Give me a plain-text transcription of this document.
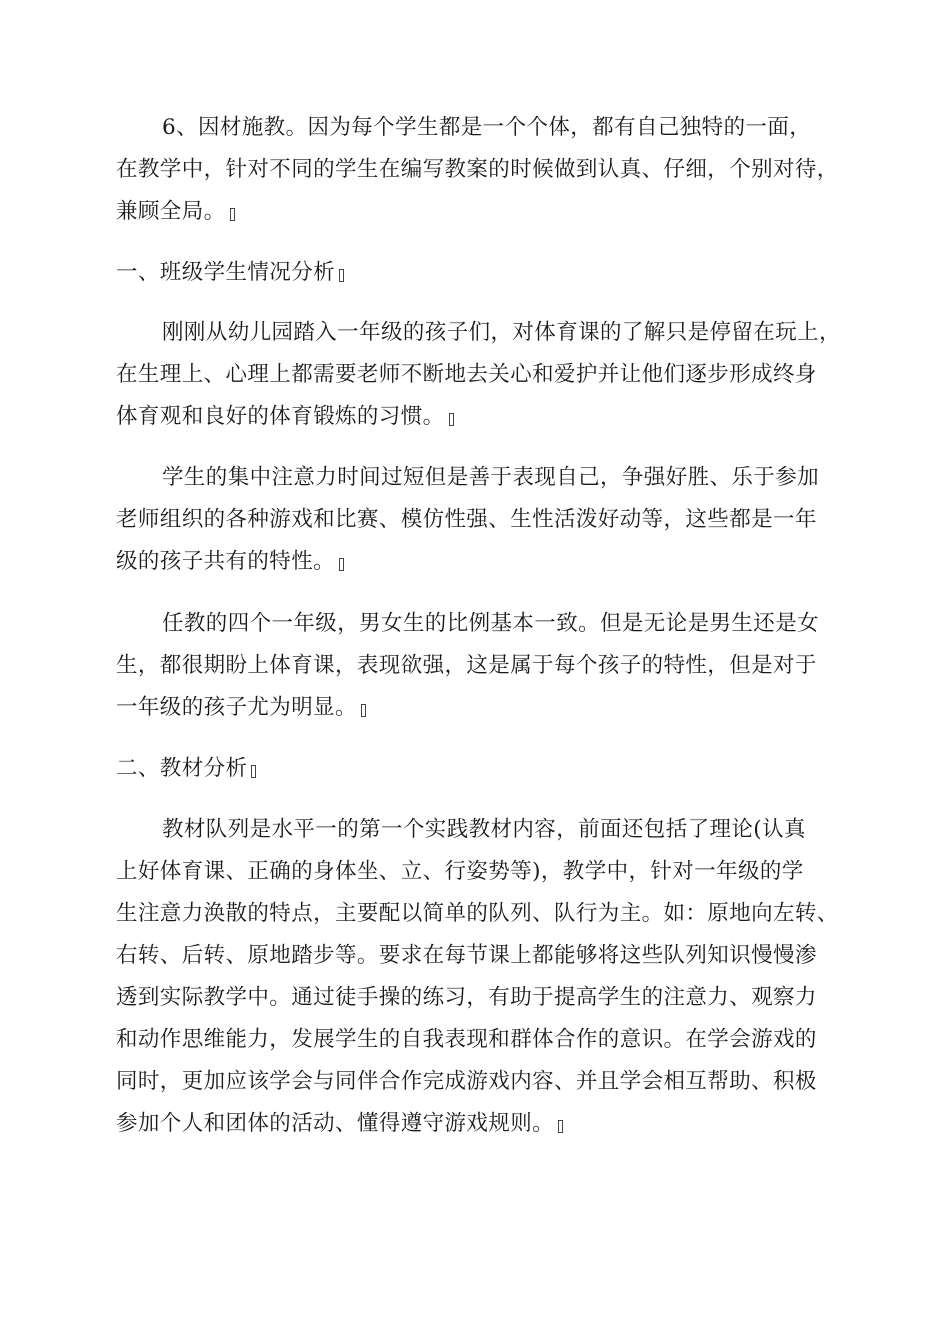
6、因材施教。因为每个学生都是一个个体，都有自己独特的一面，
在教学中，针对不同的学生在编写教案的时候做到认真、仔细，个别对待，
兼顾全局。
一、班级学生情况分析
刚刚从幼儿园踏入一年级的孩子们，对体育课的了解只是停留在玩上，
在生理上、心理上都需要老师不断地去关心和爱护并让他们逐步形成终身
体育观和良好的体育锻炼的习惯。
学生的集中注意力时间过短但是善于表现自己，争强好胜、乐于参加
老师组织的各种游戏和比赛、模仿性强、生性活泼好动等，这些都是一年
级的孩子共有的特性。
任教的四个一年级，男女生的比例基本一致。但是无论是男生还是女
生，都很期盼上体育课，表现欲强，这是属于每个孩子的特性，但是对于
一年级的孩子尤为明显。
二、教材分析
教材队列是水平一的第一个实践教材内容，前面还包括了理论(认真
上好体育课、正确的身体坐、立、行姿势等)，教学中，针对一年级的学
生注意力涣散的特点，主要配以简单的队列、队行为主。如：原地向左转、
右转、后转、原地踏步等。要求在每节课上都能够将这些队列知识慢慢渗
透到实际教学中。通过徒手操的练习，有助于提高学生的注意力、观察力
和动作思维能力，发展学生的自我表现和群体合作的意识。在学会游戏的
同时，更加应该学会与同伴合作完成游戏内容、并且学会相互帮助、积极
参加个人和团体的活动、懂得遵守游戏规则。
